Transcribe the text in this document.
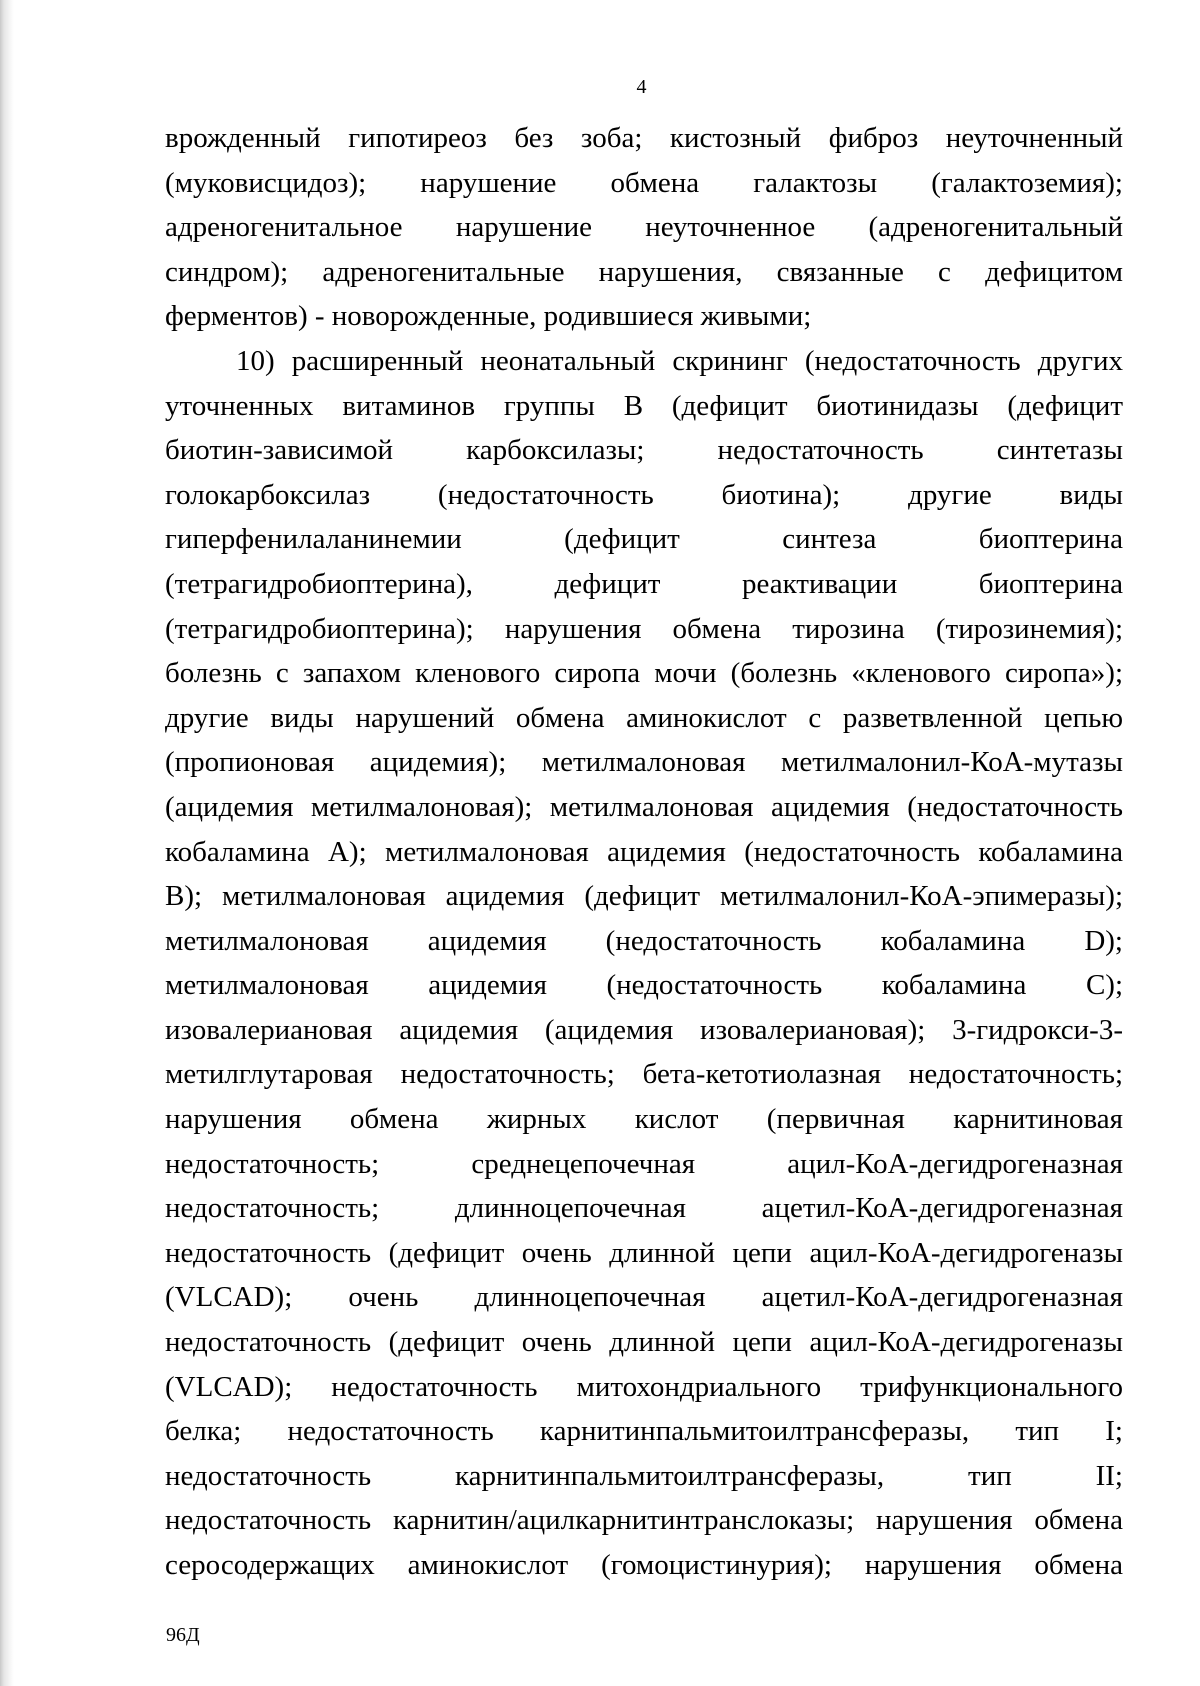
4
врожденный гипотиреоз без зоба; кистозный фиброз неуточненный
(муковисцидоз); нарушение обмена галактозы (галактоземия);
адреногенитальное нарушение неуточненное (адреногенитальный
синдром); адреногенитальные нарушения, связанные с дефицитом
ферментов) - новорожденные, родившиеся живыми;
10) расширенный неонатальный скрининг (недостаточность других
уточненных витаминов группы B (дефицит биотинидазы (дефицит
биотин-зависимой карбоксилазы; недостаточность синтетазы
голокарбоксилаз (недостаточность биотина); другие виды
гиперфенилаланинемии (дефицит синтеза биоптерина
(тетрагидробиоптерина), дефицит реактивации биоптерина
(тетрагидробиоптерина); нарушения обмена тирозина (тирозинемия);
болезнь с запахом кленового сиропа мочи (болезнь «кленового сиропа»);
другие виды нарушений обмена аминокислот с разветвленной цепью
(пропионовая ацидемия); метилмалоновая метилмалонил-КоА-мутазы
(ацидемия метилмалоновая); метилмалоновая ацидемия (недостаточность
кобаламина A); метилмалоновая ацидемия (недостаточность кобаламина
B); метилмалоновая ацидемия (дефицит метилмалонил-КоА-эпимеразы);
метилмалоновая ацидемия (недостаточность кобаламина D);
метилмалоновая ацидемия (недостаточность кобаламина C);
изовалериановая ацидемия (ацидемия изовалериановая); 3-гидрокси-3-
метилглутаровая недостаточность; бета-кетотиолазная недостаточность;
нарушения обмена жирных кислот (первичная карнитиновая
недостаточность; среднецепочечная ацил-КоА-дегидрогеназная
недостаточность; длинноцепочечная ацетил-КоА-дегидрогеназная
недостаточность (дефицит очень длинной цепи ацил-КоА-дегидрогеназы
(VLCAD); очень длинноцепочечная ацетил-КоА-дегидрогеназная
недостаточность (дефицит очень длинной цепи ацил-КоА-дегидрогеназы
(VLCAD); недостаточность митохондриального трифункционального
белка; недостаточность карнитинпальмитоилтрансферазы, тип I;
недостаточность карнитинпальмитоилтрансферазы, тип II;
недостаточность карнитин/ацилкарнитинтранслоказы; нарушения обмена
серосодержащих аминокислот (гомоцистинурия); нарушения обмена
96Д
